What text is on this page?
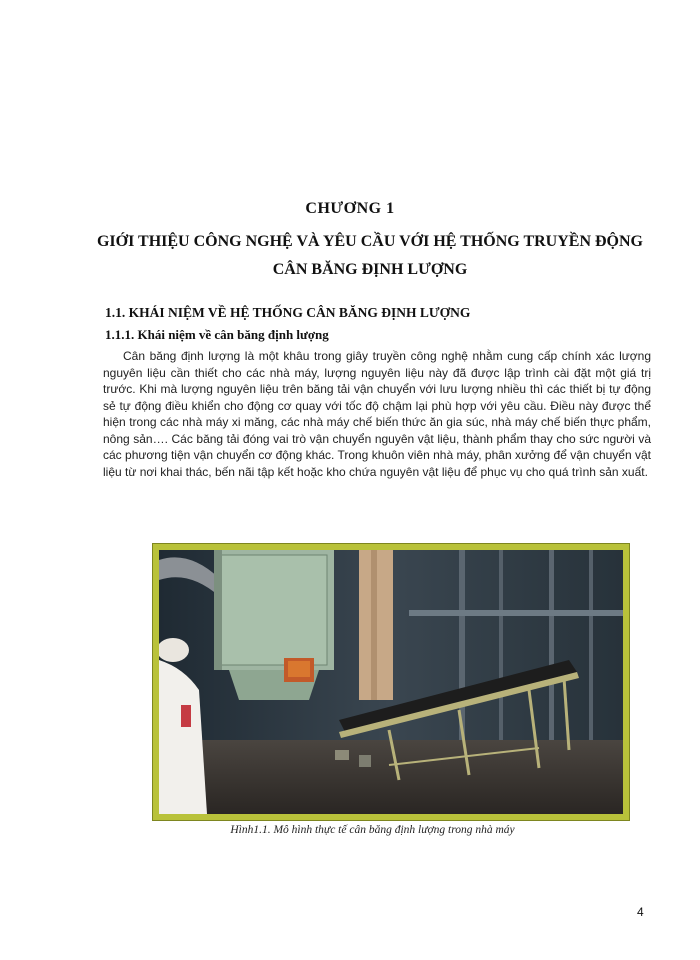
CHƯƠNG 1
GIỚI THIỆU CÔNG NGHỆ VÀ YÊU CẦU VỚI HỆ THỐNG TRUYỀN ĐỘNG CÂN BĂNG ĐỊNH LƯỢNG
1.1. KHÁI NIỆM VỀ HỆ THỐNG CÂN BĂNG ĐỊNH LƯỢNG
1.1.1. Khái niệm về cân băng định lượng
Cân băng định lượng là một khâu trong giây truyền công nghệ nhằm cung cấp chính xác lượng nguyên liệu cần thiết cho các nhà máy, lượng nguyên liệu này đã được lập trình cài đặt một giá trị trước. Khi mà lượng nguyên liệu trên băng tải vận chuyển với lưu lượng nhiều thì các thiết bị tự động sẻ tự động điều khiển cho động cơ quay với tốc độ chậm lại phù hợp với yêu cầu. Điều này được thể hiện trong các nhà máy xi măng, các nhà máy chế biến thức ăn gia súc, nhà máy chế biến thực phẩm, nông sản…. Các băng tải đóng vai trò vận chuyển nguyên vật liệu, thành phẩm thay cho sức người và các phương tiện vận chuyển cơ động khác. Trong khuôn viên nhà máy, phân xưởng để vận chuyển vật liệu từ nơi khai thác, bến nãi tập kết hoặc kho chứa nguyên vật liệu để phục vụ cho quá trình sản xuất.
Hình1.1. Mô hình thực tế cân băng định lượng trong nhà máy
4
